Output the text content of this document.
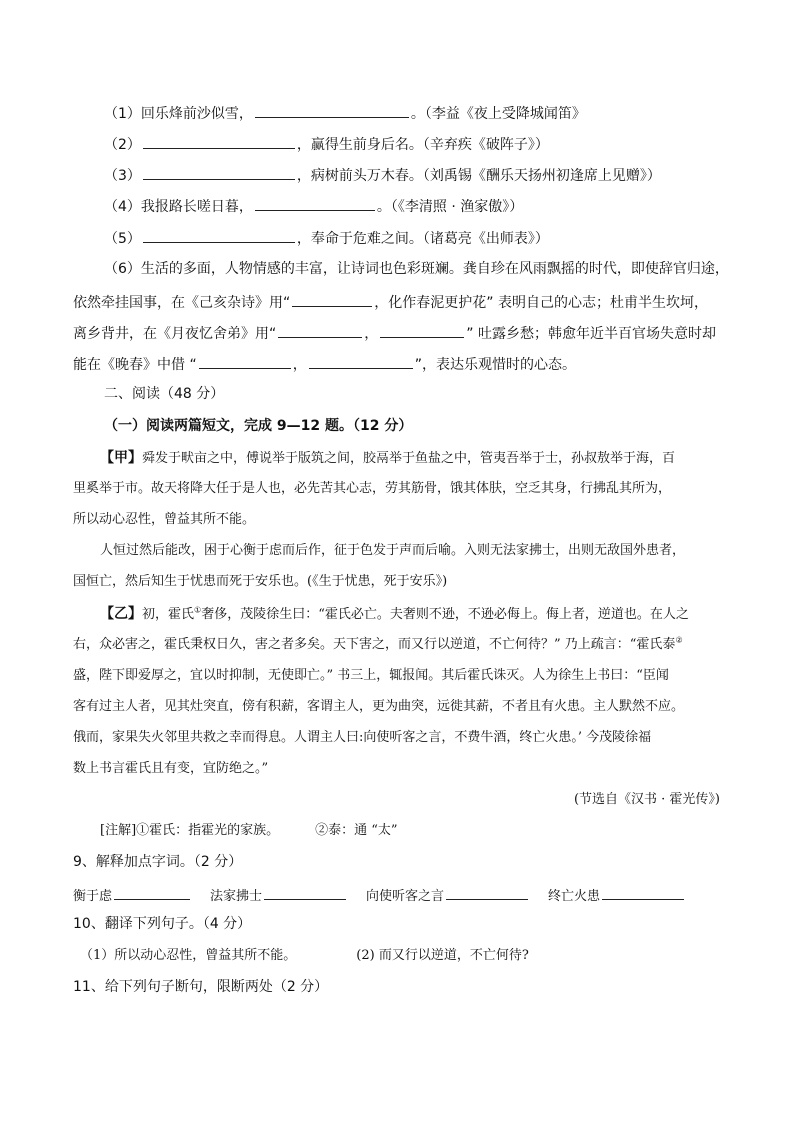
（1）回乐烽前沙似雪，	。（李益《夜上受降城闻笛》
（2）	，赢得生前身后名。（辛弃疾《破阵子》）
（3）	，病树前头万木春。（刘禹锡《酬乐天扬州初逢席上见赠》）
（4）我报路长嗟日暮，	。（《李清照 · 渔家傲》）
（5）	，奉命于危难之间。（诸葛亮《出师表》）
（6）生活的多面，人物情感的丰富，让诗词也色彩斑斓。龚自珍在风雨飘摇的时代，即使辞官归途，
依然牵挂国事，在《己亥杂诗》用“	，化作春泥更护花” 表明自己的心志；杜甫半生坎坷，
离乡背井，在《月夜忆舍弟》用“	，	” 吐露乡愁；韩愈年近半百官场失意时却
能在《晚春》中借 “	，	”，表达乐观惜时的心态。
二、阅读（48 分）
（一）阅读两篇短文，完成 9—12 题。（12 分）
【甲】舜发于畎亩之中，傅说举于版筑之间，胶鬲举于鱼盐之中，管夷吾举于士，孙叔敖举于海，百
里奚举于市。故天将降大任于是人也，必先苦其心志，劳其筋骨，饿其体肤，空乏其身，行拂乱其所为，
所以动心忍性，曾益其所不能。
人恒过然后能改，困于心衡于虑而后作，征于色发于声而后喻。入则无法家拂士，出则无敌国外患者，
国恒亡，然后知生于忧患而死于安乐也。(《生于忧患，死于安乐》)
【乙】初，霍氏①奢侈，茂陵徐生曰：“霍氏必亡。夫奢则不逊，不逊必侮上。侮上者，逆道也。在人之
右，众必害之，霍氏秉权日久，害之者多矣。天下害之，而又行以逆道，不亡何待？” 乃上疏言：“霍氏泰②
盛，陛下即爱厚之，宜以时抑制，无使即亡。” 书三上，辄报闻。其后霍氏诛灭。人为徐生上书曰：“臣闻
客有过主人者，见其灶突直，傍有积薪，客谓主人，更为曲突，远徙其薪，不者且有火患。主人默然不应。
俄而，家果失火邻里共救之幸而得息。人谓主人曰:向使听客之言，不费牛酒，终亡火患。’ 今茂陵徐福
数上书言霍氏且有变，宜防绝之。”
(节选自《汉书 · 霍光传》)
[注解]①霍氏：指霍光的家族。	②泰：通 “太”
9、解释加点字词。（2 分）
衡于虑	法家拂士	向使听客之言	终亡火患
10、翻译下列句子。（4 分）
（1）所以动心忍性，曾益其所不能。	(2) 而又行以逆道，不亡何待?
11、给下列句子断句，限断两处（2 分）
